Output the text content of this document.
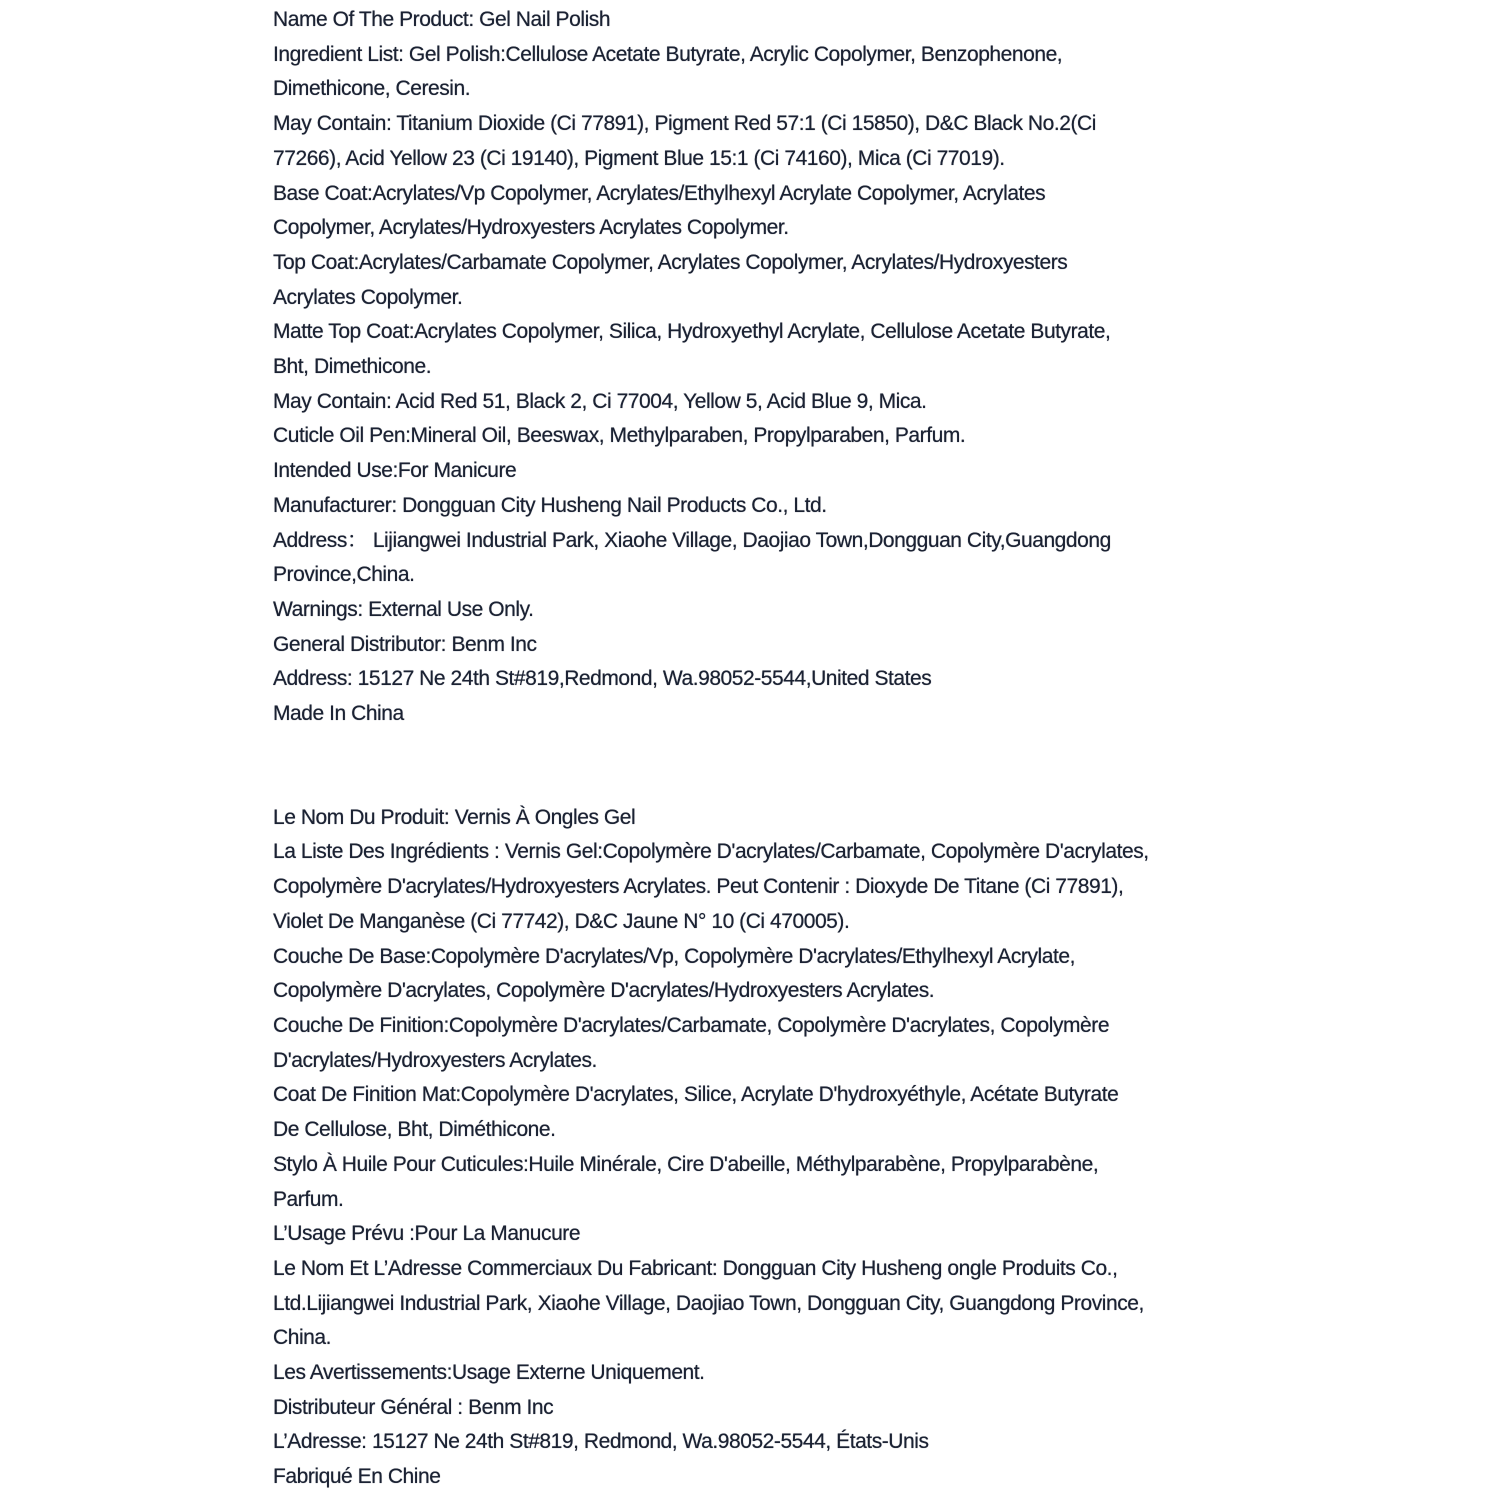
Name Of The Product: Gel Nail Polish
Ingredient List: Gel Polish:Cellulose Acetate Butyrate, Acrylic Copolymer, Benzophenone,
Dimethicone, Ceresin.
May Contain: Titanium Dioxide (Ci 77891), Pigment Red 57:1 (Ci 15850), D&C Black No.2(Ci
77266), Acid Yellow 23 (Ci 19140), Pigment Blue 15:1 (Ci 74160), Mica (Ci 77019).
Base Coat:Acrylates/Vp Copolymer, Acrylates/Ethylhexyl Acrylate Copolymer, Acrylates
Copolymer, Acrylates/Hydroxyesters Acrylates Copolymer.
Top Coat:Acrylates/Carbamate Copolymer, Acrylates Copolymer, Acrylates/Hydroxyesters
Acrylates Copolymer.
Matte Top Coat:Acrylates Copolymer, Silica, Hydroxyethyl Acrylate, Cellulose Acetate Butyrate,
Bht, Dimethicone.
May Contain: Acid Red 51, Black 2, Ci 77004, Yellow 5, Acid Blue 9, Mica.
Cuticle Oil Pen:Mineral Oil, Beeswax, Methylparaben, Propylparaben, Parfum.
Intended Use:For Manicure
Manufacturer: Dongguan City Husheng Nail Products Co., Ltd.
Address： Lijiangwei Industrial Park, Xiaohe Village, Daojiao Town,Dongguan City,Guangdong
Province,China.
Warnings: External Use Only.
General Distributor: Benm Inc
Address: 15127 Ne 24th St#819,Redmond, Wa.98052-5544,United States
Made In China
Le Nom Du Produit: Vernis À Ongles Gel
La Liste Des Ingrédients : Vernis Gel:Copolymère D'acrylates/Carbamate, Copolymère D'acrylates,
Copolymère D'acrylates/Hydroxyesters Acrylates. Peut Contenir : Dioxyde De Titane (Ci 77891),
Violet De Manganèse (Ci 77742), D&C Jaune N° 10 (Ci 470005).
Couche De Base:Copolymère D'acrylates/Vp, Copolymère D'acrylates/Ethylhexyl Acrylate,
Copolymère D'acrylates, Copolymère D'acrylates/Hydroxyesters Acrylates.
Couche De Finition:Copolymère D'acrylates/Carbamate, Copolymère D'acrylates, Copolymère
D'acrylates/Hydroxyesters Acrylates.
Coat De Finition Mat:Copolymère D'acrylates, Silice, Acrylate D'hydroxyéthyle, Acétate Butyrate
De Cellulose, Bht, Diméthicone.
Stylo À Huile Pour Cuticules:Huile Minérale, Cire D'abeille, Méthylparabène, Propylparabène,
Parfum.
L’Usage Prévu :Pour La Manucure
Le Nom Et L’Adresse Commerciaux Du Fabricant: Dongguan City Husheng ongle Produits Co.,
Ltd.Lijiangwei Industrial Park, Xiaohe Village, Daojiao Town, Dongguan City, Guangdong Province,
China.
Les Avertissements:Usage Externe Uniquement.
Distributeur Général : Benm Inc
L’Adresse: 15127 Ne 24th St#819, Redmond, Wa.98052-5544, États-Unis
Fabriqué En Chine
